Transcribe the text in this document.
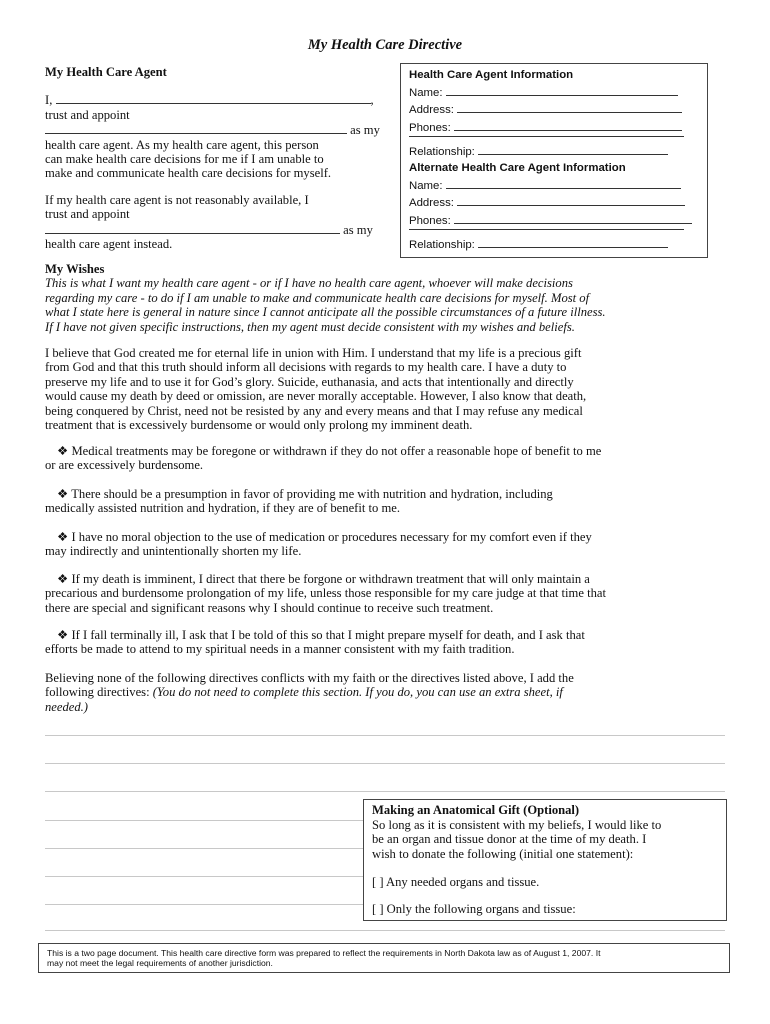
My Health Care Directive
My Health Care Agent
I,	,
trust and appoint
as my
health care agent. As my health care agent, this person
can make health care decisions for me if I am unable to
make and communicate health care decisions for myself.
If my health care agent is not reasonably available, I
trust and appoint
as my
health care agent instead.
Health Care Agent Information
Name:
Address:
Phones:
Relationship:
Alternate Health Care Agent Information
Name:
Address:
Phones:
Relationship:
My Wishes
This is what I want my health care agent - or if I have no health care agent, whoever will make decisions
regarding my care - to do if I am unable to make and communicate health care decisions for myself. Most of
what I state here is general in nature since I cannot anticipate all the possible circumstances of a future illness.
If I have not given specific instructions, then my agent must decide consistent with my wishes and beliefs.
I believe that God created me for eternal life in union with Him. I understand that my life is a precious gift
from God and that this truth should inform all decisions with regards to my health care. I have a duty to
preserve my life and to use it for God’s glory. Suicide, euthanasia, and acts that intentionally and directly
would cause my death by deed or omission, are never morally acceptable. However, I also know that death,
being conquered by Christ, need not be resisted by any and every means and that I may refuse any medical
treatment that is excessively burdensome or would only prolong my imminent death.
❖ Medical treatments may be foregone or withdrawn if they do not offer a reasonable hope of benefit to me
or are excessively burdensome.
❖ There should be a presumption in favor of providing me with nutrition and hydration, including
medically assisted nutrition and hydration, if they are of benefit to me.
❖ I have no moral objection to the use of medication or procedures necessary for my comfort even if they
may indirectly and unintentionally shorten my life.
❖ If my death is imminent, I direct that there be forgone or withdrawn treatment that will only maintain a
precarious and burdensome prolongation of my life, unless those responsible for my care judge at that time that
there are special and significant reasons why I should continue to receive such treatment.
❖ If I fall terminally ill, I ask that I be told of this so that I might prepare myself for death, and I ask that
efforts be made to attend to my spiritual needs in a manner consistent with my faith tradition.
Believing none of the following directives conflicts with my faith or the directives listed above, I add the
following directives: (You do not need to complete this section. If you do, you can use an extra sheet, if
needed.)
Making an Anatomical Gift (Optional)
So long as it is consistent with my beliefs, I would like to
be an organ and tissue donor at the time of my death. I
wish to donate the following (initial one statement):
[ ] Any needed organs and tissue.
[ ] Only the following organs and tissue:
This is a two page document. This health care directive form was prepared to reflect the requirements in North Dakota law as of August 1, 2007. It
may not meet the legal requirements of another jurisdiction.
